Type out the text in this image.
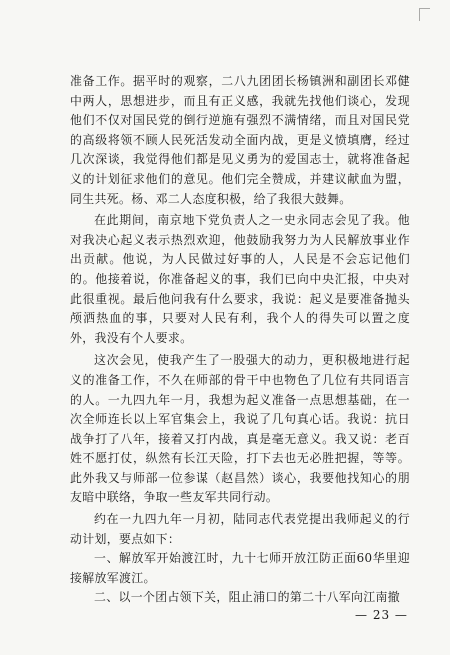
准备工作。据平时的观察，二八九团团长杨镇洲和副团长邓健中两人，思想进步，而且有正义感，我就先找他们谈心，发现他们不仅对国民党的倒行逆施有强烈不满情绪，而且对国民党的高级将领不顾人民死活发动全面内战，更是义愤填膺，经过几次深谈，我觉得他们都是见义勇为的爱国志士，就将准备起义的计划征求他们的意见。他们完全赞成，并建议献血为盟，同生共死。杨、邓二人态度积极，给了我很大鼓舞。

在此期间，南京地下党负责人之一史永同志会见了我。他对我决心起义表示热烈欢迎，他鼓励我努力为人民解放事业作出贡献。他说，为人民做过好事的人，人民是不会忘记他们的。他接着说，你准备起义的事，我们已向中央汇报，中央对此很重视。最后他问我有什么要求，我说：起义是要准备抛头颅洒热血的事，只要对人民有利，我个人的得失可以置之度外，我没有个人要求。

这次会见，使我产生了一股强大的动力，更积极地进行起义的准备工作，不久在师部的骨干中也物色了几位有共同语言的人。一九四九年一月，我想为起义准备一点思想基础，在一次全师连长以上军官集会上，我说了几句真心话。我说：抗日战争打了八年，接着又打内战，真是毫无意义。我又说：老百姓不愿打仗，纵然有长江天险，打下去也无必胜把握，等等。此外我又与师部一位参谋（赵昌然）谈心，我要他找知心的朋友暗中联络，争取一些友军共同行动。

约在一九四九年一月初，陆同志代表党提出我师起义的行动计划，要点如下：

一、解放军开始渡江时，九十七师开放江防正面60华里迎接解放军渡江。

二、以一个团占领下关，阻止浦口的第二十八军向江南撤

— 23 —
